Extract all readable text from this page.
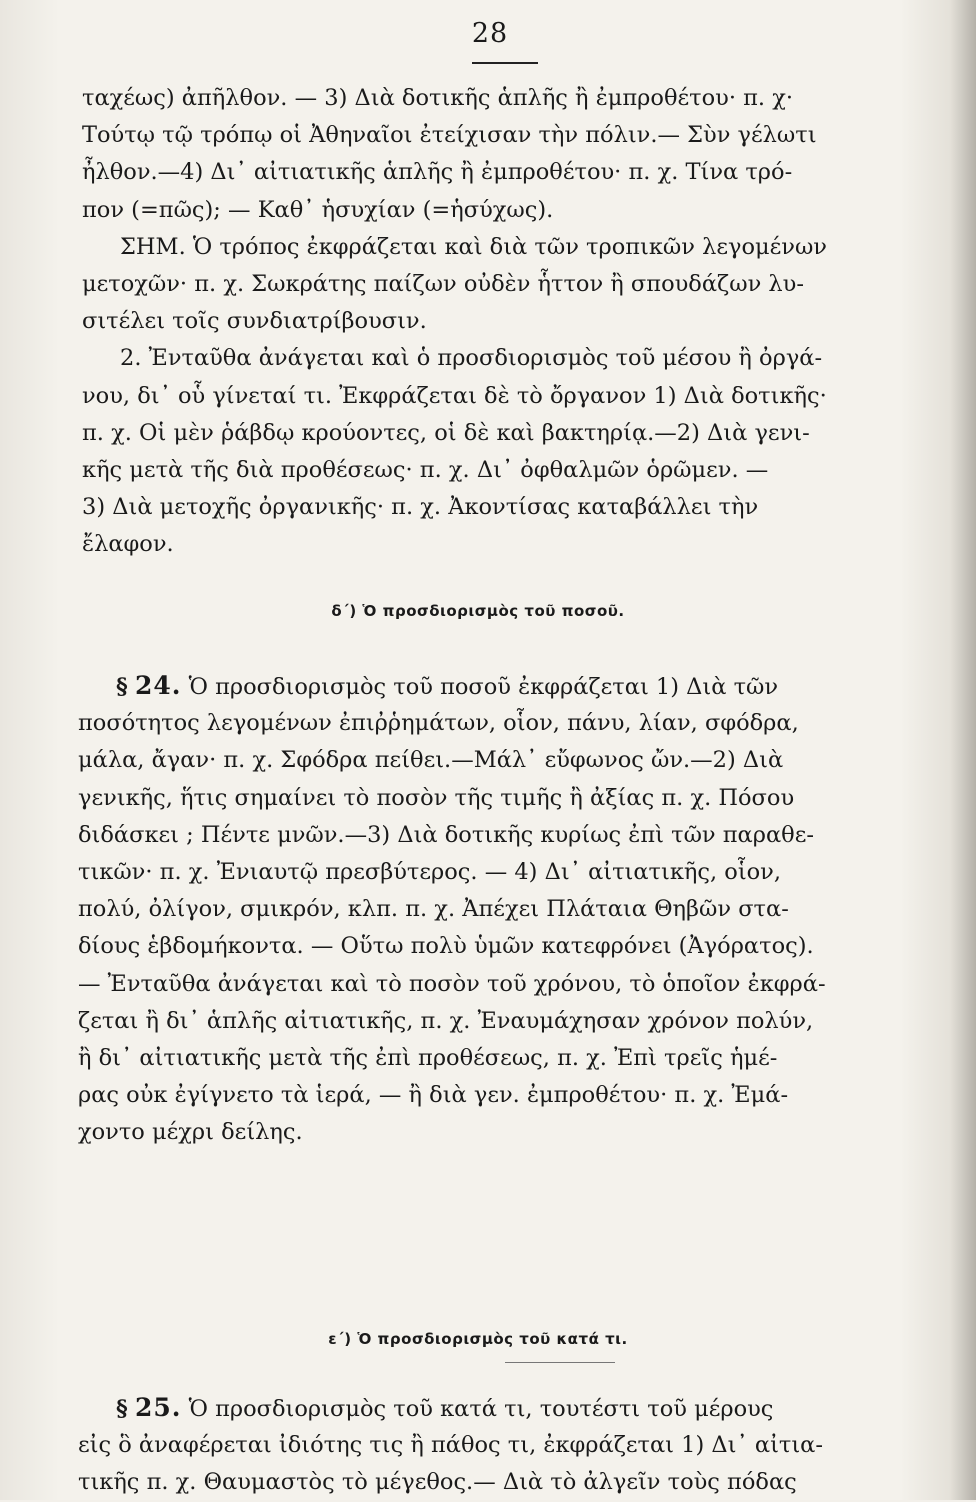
28
ταχέως) ἀπῆλθον. — 3) Διὰ δοτικῆς ἁπλῆς ἢ ἐμπροθέτου· π. χ·
Τούτῳ τῷ τρόπῳ οἱ Ἀθηναῖοι ἐτείχισαν τὴν πόλιν.— Σὺν γέλωτι
ἦλθον.—4) Δι᾽ αἰτιατικῆς ἁπλῆς ἢ ἐμπροθέτου· π. χ. Τίνα τρό-
πον (=πῶς); — Καθ᾽ ἡσυχίαν (=ἡσύχως).
ΣΗΜ. Ὁ τρόπος ἐκφράζεται καὶ διὰ τῶν τροπικῶν λεγομένων
μετοχῶν· π. χ. Σωκράτης παίζων οὐδὲν ἧττον ἢ σπουδάζων λυ-
σιτέλει τοῖς συνδιατρίβουσιν.
2. Ἐνταῦθα ἀνάγεται καὶ ὁ προσδιορισμὸς τοῦ μέσου ἢ ὀργά-
νου, δι᾽ οὗ γίνεταί τι. Ἐκφράζεται δὲ τὸ ὄργανον 1) Διὰ δοτικῆς·
π. χ. Οἱ μὲν ῥάβδῳ κρούοντες, οἱ δὲ καὶ βακτηρίᾳ.—2) Διὰ γενι-
κῆς μετὰ τῆς διὰ προθέσεως· π. χ. Δι᾽ ὀφθαλμῶν ὁρῶμεν. —
3) Διὰ μετοχῆς ὀργανικῆς· π. χ. Ἀκοντίσας καταβάλλει τὴν
ἔλαφον.
δ΄) Ὁ προσδιορισμὸς τοῦ ποσοῦ.
§ 24. Ὁ προσδιορισμὸς τοῦ ποσοῦ ἐκφράζεται 1) Διὰ τῶν
ποσότητος λεγομένων ἐπιῤῥημάτων, οἷον, πάνυ, λίαν, σφόδρα,
μάλα, ἄγαν· π. χ. Σφόδρα πείθει.—Μάλ᾽ εὔφωνος ὤν.—2) Διὰ
γενικῆς, ἥτις σημαίνει τὸ ποσὸν τῆς τιμῆς ἢ ἀξίας π. χ. Πόσου
διδάσκει ; Πέντε μνῶν.—3) Διὰ δοτικῆς κυρίως ἐπὶ τῶν παραθε-
τικῶν· π. χ. Ἐνιαυτῷ πρεσβύτερος. — 4) Δι᾽ αἰτιατικῆς, οἷον,
πολύ, ὀλίγον, σμικρόν, κλπ. π. χ. Ἀπέχει Πλάταια Θηβῶν στα-
δίους ἑβδομήκοντα. — Οὕτω πολὺ ὑμῶν κατεφρόνει (Ἀγόρατος).
— Ἐνταῦθα ἀνάγεται καὶ τὸ ποσὸν τοῦ χρόνου, τὸ ὁποῖον ἐκφρά-
ζεται ἢ δι᾽ ἁπλῆς αἰτιατικῆς, π. χ. Ἐναυμάχησαν χρόνον πολύν,
ἢ δι᾽ αἰτιατικῆς μετὰ τῆς ἐπὶ προθέσεως, π. χ. Ἐπὶ τρεῖς ἡμέ-
ρας οὐκ ἐγίγνετο τὰ ἱερά, — ἢ διὰ γεν. ἐμπροθέτου· π. χ. Ἐμά-
χοντο μέχρι δείλης.
ε΄) Ὁ προσδιορισμὸς τοῦ κατά τι.
§ 25. Ὁ προσδιορισμὸς τοῦ κατά τι, τουτέστι τοῦ μέρους
εἰς ὃ ἀναφέρεται ἰδιότης τις ἢ πάθος τι, ἐκφράζεται 1) Δι᾽ αἰτια-
τικῆς π. χ. Θαυμαστὸς τὸ μέγεθος.— Διὰ τὸ ἀλγεῖν τοὺς πόδας
